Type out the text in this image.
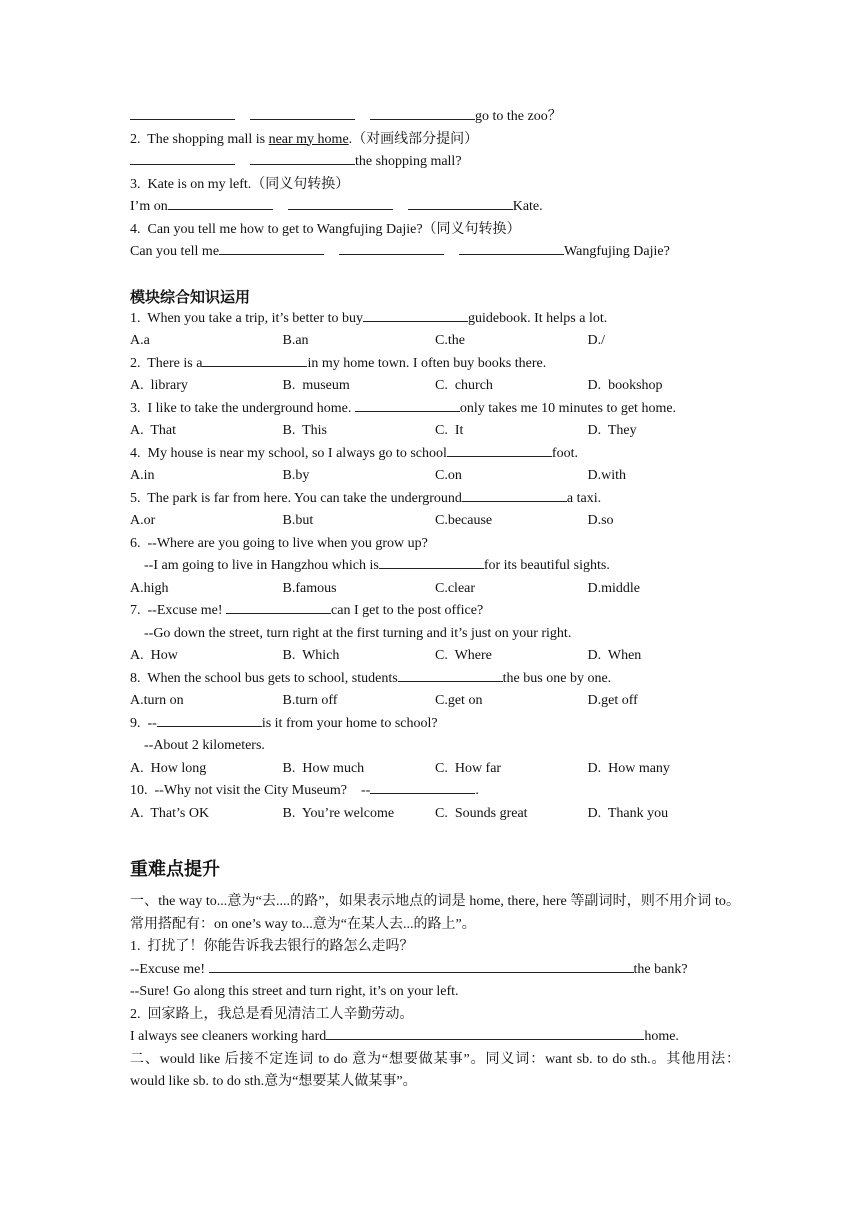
go to the zoo？
2.  The shopping mall is near my home.（对画线部分提问）
the shopping mall?
3.  Kate is on my left.（同义句转换）
I’m on	Kate.
4.  Can you tell me how to get to Wangfujing Dajie?（同义句转换）
Can you tell me	Wangfujing Dajie?
模块综合知识运用
1.  When you take a trip, it’s better to buy	guidebook. It helps a lot.
A.a	B.an	C.the	D./
2.  There is a	in my home town. I often buy books there.
A.  library	B.  museum	C.  church	D.  bookshop
3.  I like to take the underground home.	only takes me 10 minutes to get home.
A.  That	B.  This	C.  It	D.  They
4.  My house is near my school, so I always go to school	foot.
A.in	B.by	C.on	D.with
5.  The park is far from here. You can take the underground	a taxi.
A.or	B.but	C.because	D.so
6.  --Where are you going to live when you grow up?
--I am going to live in Hangzhou which is	for its beautiful sights.
A.high	B.famous	C.clear	D.middle
7.  --Excuse me!	can I get to the post office?
--Go down the street, turn right at the first turning and it’s just on your right.
A.  How	B.  Which	C.  Where	D.  When
8.  When the school bus gets to school, students	the bus one by one.
A.turn on	B.turn off	C.get on	D.get off
9.  --	is it from your home to school?
--About 2 kilometers.
A.  How long	B.  How much	C.  How far	D.  How many
10.  --Why not visit the City Museum?    --	.
A.  That’s OK	B.  You’re welcome	C.  Sounds great	D.  Thank you
重难点提升
一、the way to...意为“去....的路”，如果表示地点的词是 home, there, here 等副词时，则不用介词 to。常用搭配有：on one’s way to...意为“在某人去...的路上”。
1.  打扰了！你能告诉我去银行的路怎么走吗？
--Excuse me!	the bank?
--Sure! Go along this street and turn right, it’s on your left.
2.  回家路上，我总是看见清洁工人辛勤劳动。
I always see cleaners working hard	home.
二、would like 后接不定连词 to do 意为“想要做某事”。同义词：want sb. to do sth.。其他用法：would like sb. to do sth.意为“想要某人做某事”。
